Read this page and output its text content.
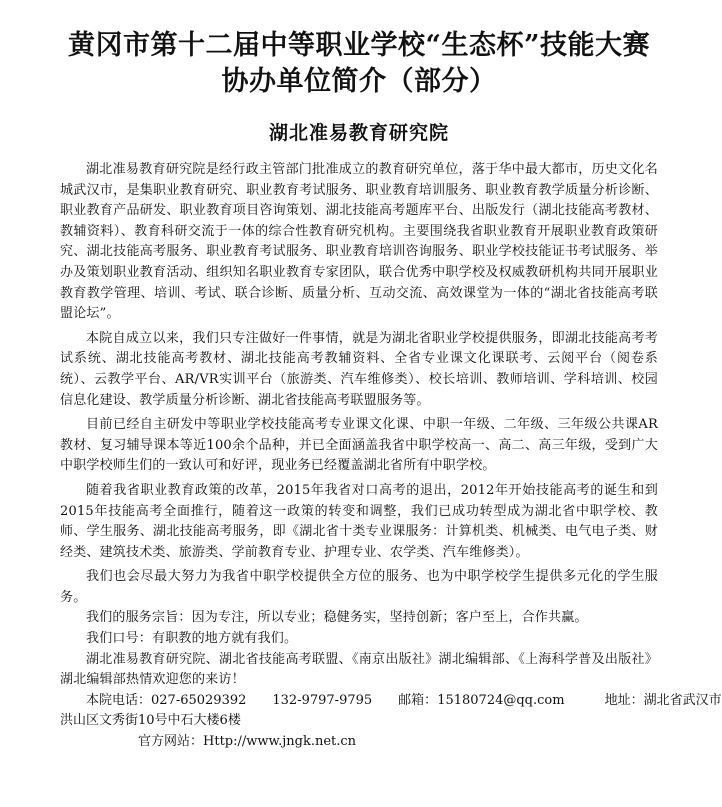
黄冈市第十二届中等职业学校“生态杯”技能大赛
协办单位简介（部分）
湖北准易教育研究院

湖北准易教育研究院是经行政主管部门批准成立的教育研究单位，落于华中最大都市，历史文化名城武汉市，是集职业教育研究、职业教育考试服务、职业教育培训服务、职业教育教学质量分析诊断、职业教育产品研发、职业教育项目咨询策划、湖北技能高考题库平台、出版发行（湖北技能高考教材、教辅资料）、教育科研交流于一体的综合性教育研究机构。主要围绕我省职业教育开展职业教育政策研究、湖北技能高考服务、职业教育考试服务、职业教育培训咨询服务、职业学校技能证书考试服务、举办及策划职业教育活动、组织知名职业教育专家团队，联合优秀中职学校及权威教研机构共同开展职业教育教学管理、培训、考试、联合诊断、质量分析、互动交流、高效课堂为一体的“湖北省技能高考联盟论坛”。

本院自成立以来，我们只专注做好一件事情，就是为湖北省职业学校提供服务，即湖北技能高考考试系统、湖北技能高考教材、湖北技能高考教辅资料、全省专业课文化课联考、云阅平台（阅卷系统）、云教学平台、AR/VR实训平台（旅游类、汽车维修类）、校长培训、教师培训、学科培训、校园信息化建设、教学质量分析诊断、湖北省技能高考联盟服务等。

目前已经自主研发中等职业学校技能高考专业课文化课、中职一年级、二年级、三年级公共课AR教材、复习辅导课本等近100余个品种，并已全面涵盖我省中职学校高一、高二、高三年级，受到广大中职学校师生们的一致认可和好评，现业务已经覆盖湖北省所有中职学校。

随着我省职业教育政策的改革，2015年我省对口高考的退出，2012年开始技能高考的诞生和到2015年技能高考全面推行，随着这一政策的转变和调整，我们已成功转型成为湖北省中职学校、教师、学生服务、湖北技能高考服务，即《湖北省十类专业课服务：计算机类、机械类、电气电子类、财经类、建筑技术类、旅游类、学前教育专业、护理专业、农学类、汽车维修类）。

我们也会尽最大努力为我省中职学校提供全方位的服务、也为中职学校学生提供多元化的学生服务。

我们的服务宗旨：因为专注，所以专业；稳健务实，坚持创新；客户至上，合作共赢。

我们口号：有职教的地方就有我们。

湖北准易教育研究院、湖北省技能高考联盟、《南京出版社》湖北编辑部、《上海科学普及出版社》湖北编辑部热情欢迎您的来访！

本院电话：027-65029392 132-9797-9795 邮箱：15180724@qq.com	地址：湖北省武汉市
洪山区文秀街10号中石大楼6楼
官方网站：Http://www.jngk.net.cn
